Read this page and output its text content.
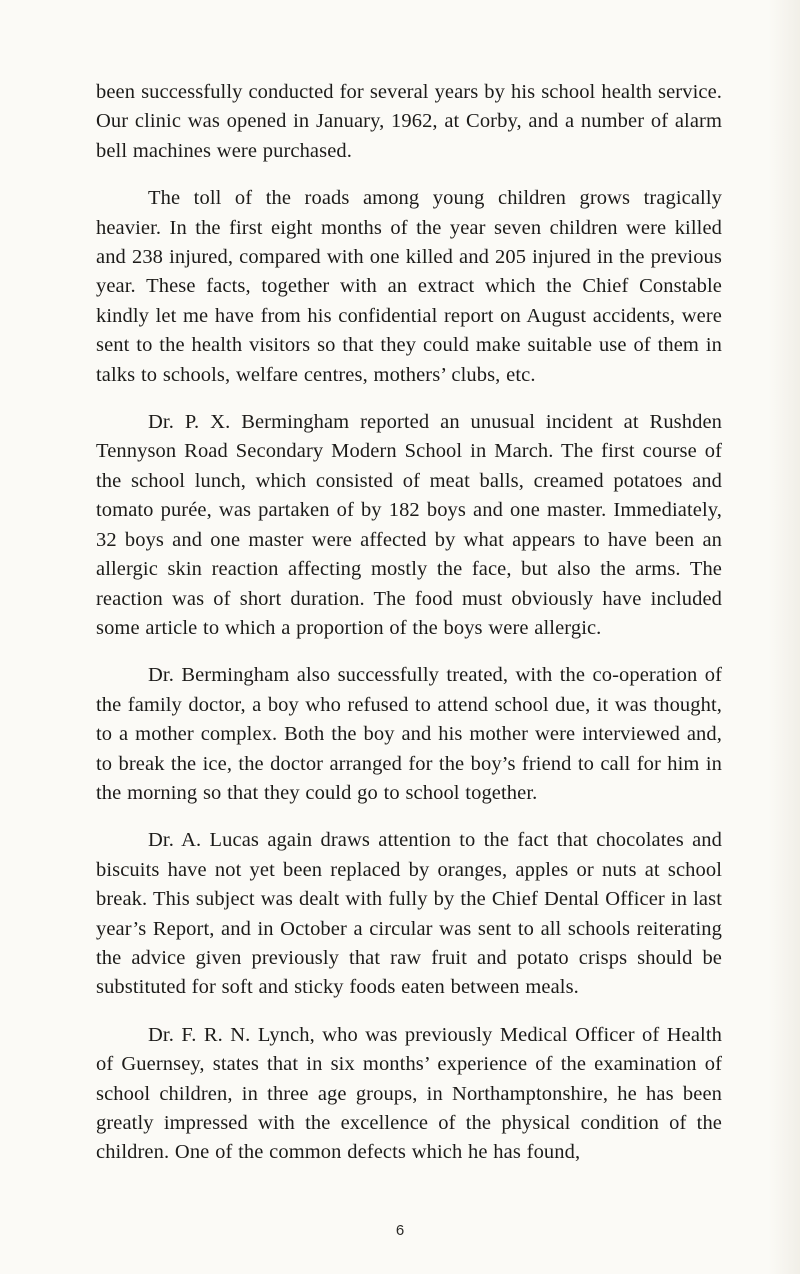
been successfully conducted for several years by his school health service. Our clinic was opened in January, 1962, at Corby, and a number of alarm bell machines were purchased.

The toll of the roads among young children grows tragically heavier. In the first eight months of the year seven children were killed and 238 injured, compared with one killed and 205 injured in the previous year. These facts, together with an extract which the Chief Constable kindly let me have from his confidential report on August accidents, were sent to the health visitors so that they could make suitable use of them in talks to schools, welfare centres, mothers’ clubs, etc.

Dr. P. X. Bermingham reported an unusual incident at Rushden Tennyson Road Secondary Modern School in March. The first course of the school lunch, which consisted of meat balls, creamed potatoes and tomato purée, was partaken of by 182 boys and one master. Immediately, 32 boys and one master were affected by what appears to have been an allergic skin reaction affecting mostly the face, but also the arms. The reaction was of short duration. The food must obviously have included some article to which a proportion of the boys were allergic.

Dr. Bermingham also successfully treated, with the co-operation of the family doctor, a boy who refused to attend school due, it was thought, to a mother complex. Both the boy and his mother were interviewed and, to break the ice, the doctor arranged for the boy’s friend to call for him in the morning so that they could go to school together.

Dr. A. Lucas again draws attention to the fact that chocolates and biscuits have not yet been replaced by oranges, apples or nuts at school break. This subject was dealt with fully by the Chief Dental Officer in last year’s Report, and in October a circular was sent to all schools reiterating the advice given previously that raw fruit and potato crisps should be substituted for soft and sticky foods eaten between meals.

Dr. F. R. N. Lynch, who was previously Medical Officer of Health of Guernsey, states that in six months’ experience of the examination of school children, in three age groups, in Northamptonshire, he has been greatly impressed with the excellence of the physical condition of the children. One of the common defects which he has found,

6
